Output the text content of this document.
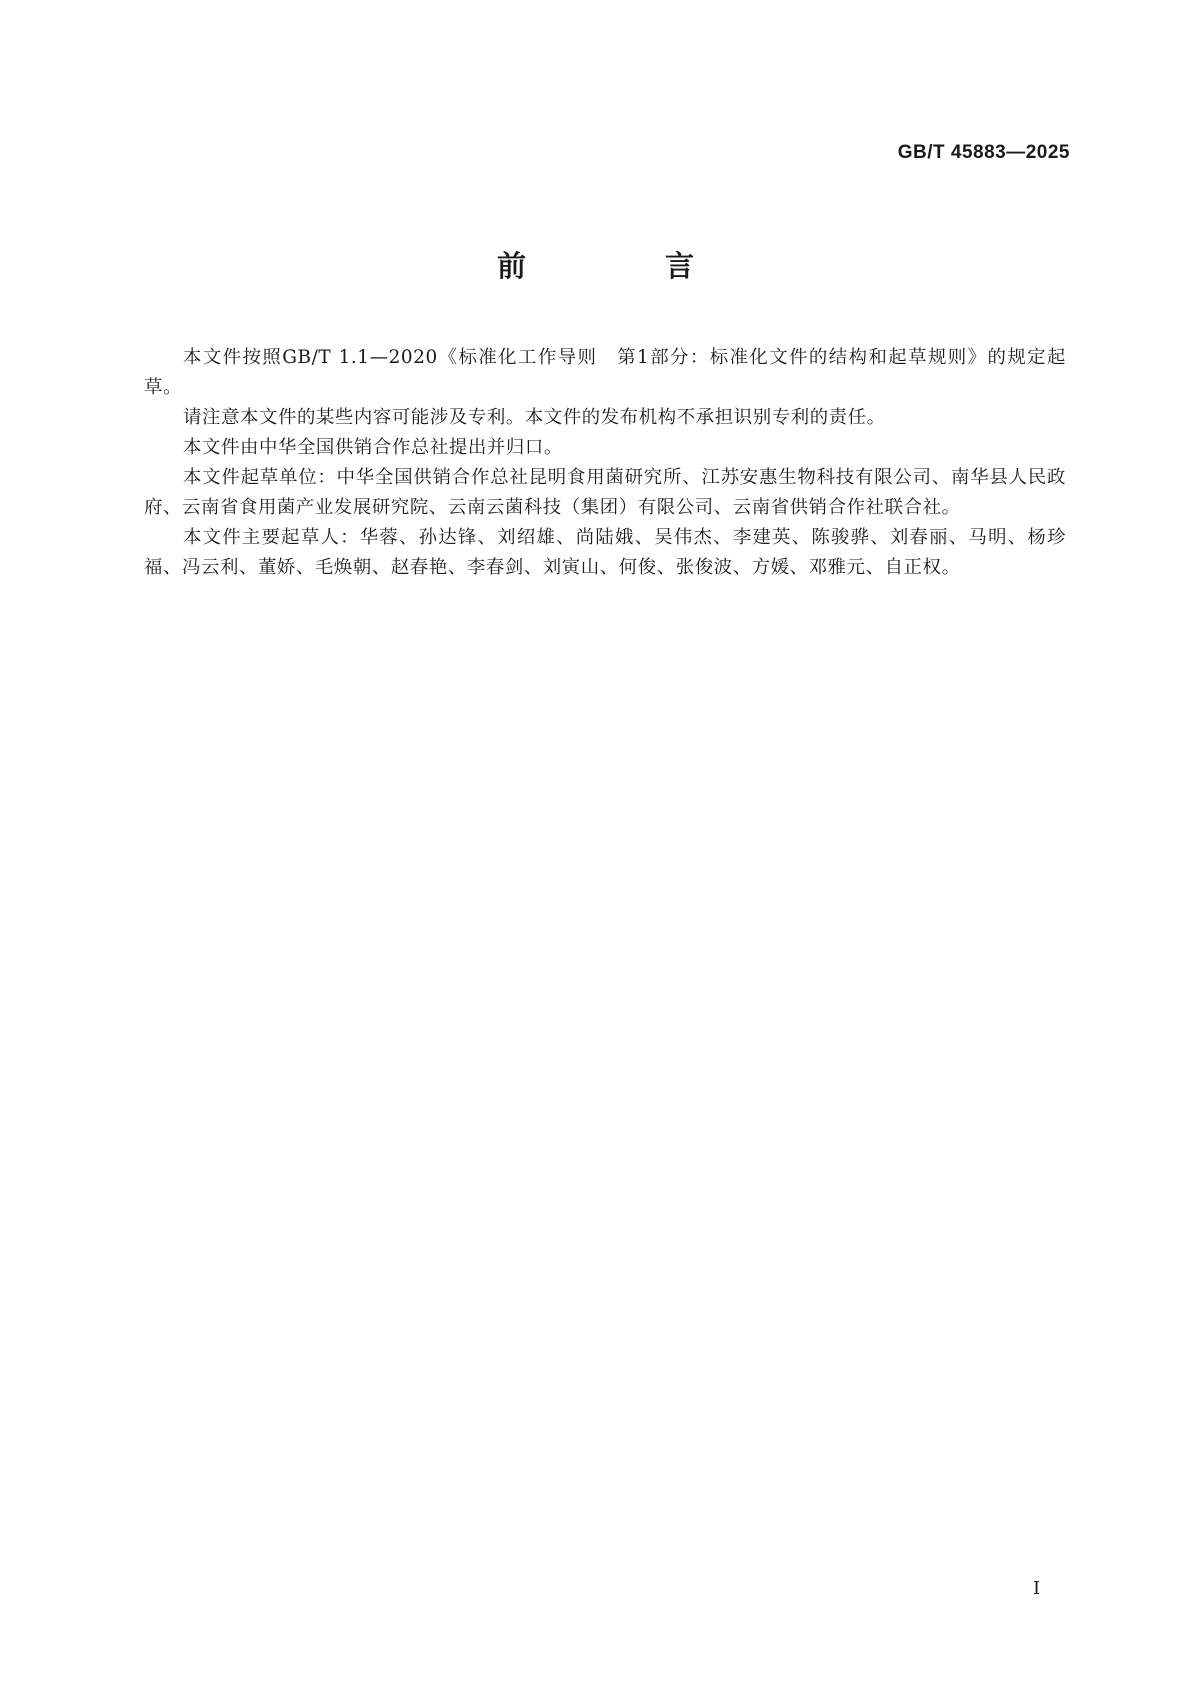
GB/T 45883—2025
前　言

本文件按照GB/T 1.1—2020《标准化工作导则　第1部分：标准化文件的结构和起草规则》的规定起草。

请注意本文件的某些内容可能涉及专利。本文件的发布机构不承担识别专利的责任。

本文件由中华全国供销合作总社提出并归口。

本文件起草单位：中华全国供销合作总社昆明食用菌研究所、江苏安惠生物科技有限公司、南华县人民政府、云南省食用菌产业发展研究院、云南云菌科技（集团）有限公司、云南省供销合作社联合社。

本文件主要起草人：华蓉、孙达锋、刘绍雄、尚陆娥、吴伟杰、李建英、陈骏骅、刘春丽、马明、杨珍福、冯云利、董娇、毛焕朝、赵春艳、李春剑、刘寅山、何俊、张俊波、方媛、邓雅元、自正权。

I
